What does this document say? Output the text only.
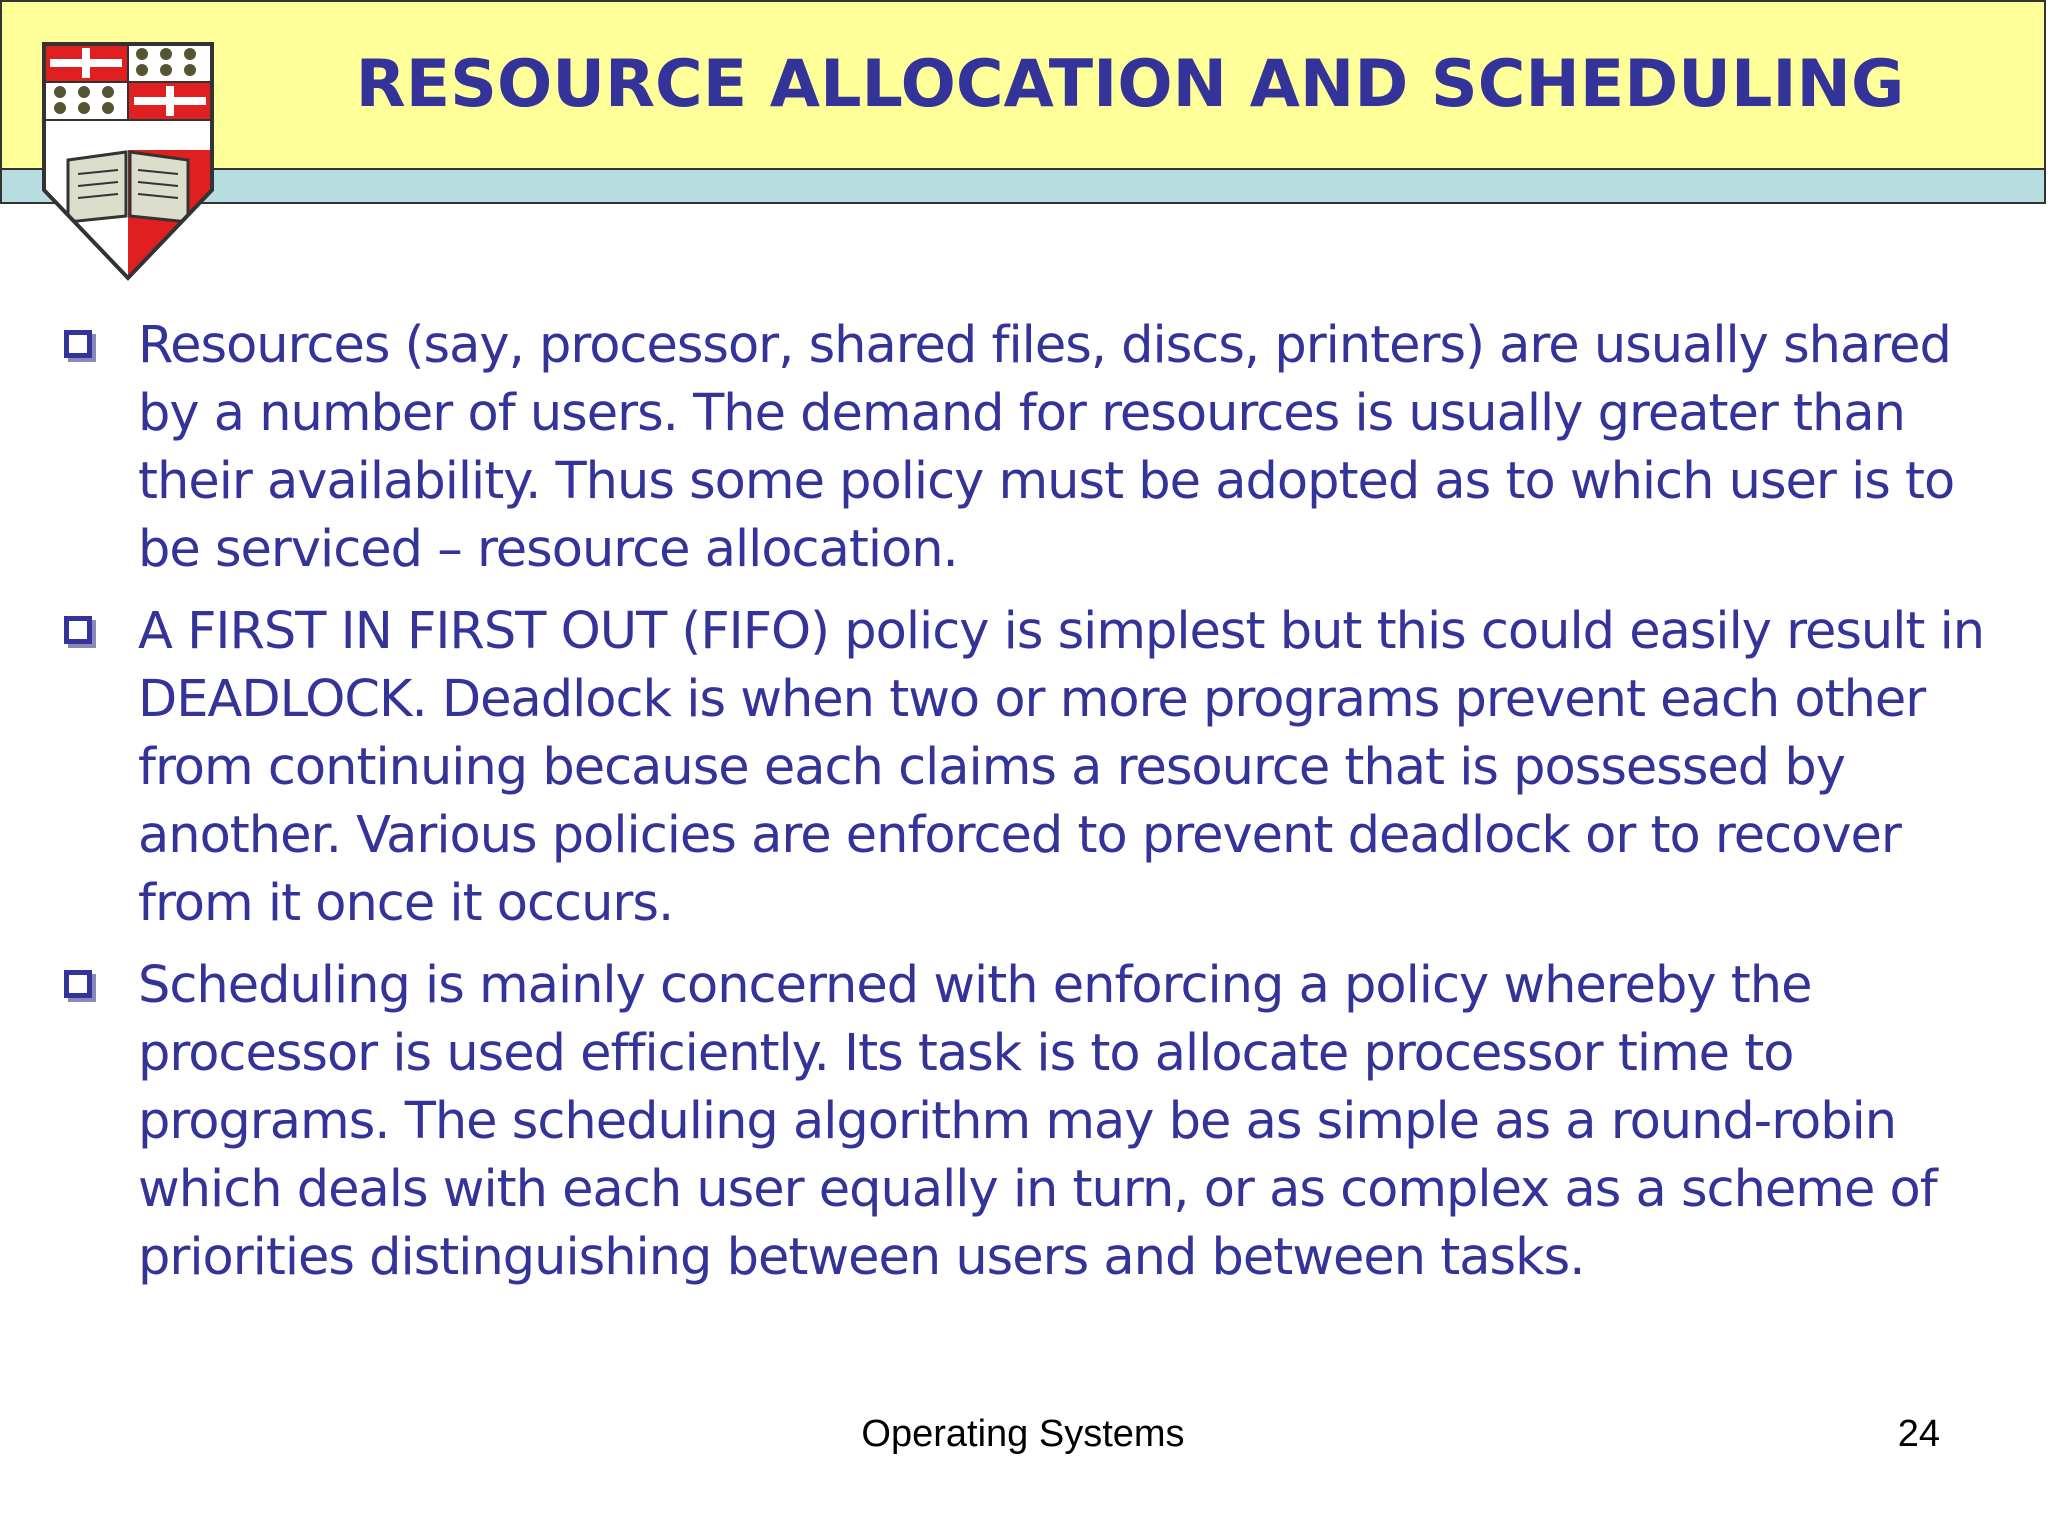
RESOURCE ALLOCATION AND SCHEDULING
Resources (say, processor, shared files, discs, printers) are usually shared by a number of users. The demand for resources is usually greater than their availability. Thus some policy must be adopted as to which user is to be serviced – resource allocation.
A FIRST IN FIRST OUT (FIFO) policy is simplest but this could easily result in DEADLOCK. Deadlock is when two or more programs prevent each other from continuing because each claims a resource that is possessed by another. Various policies are enforced to prevent deadlock or to recover from it once it occurs.
Scheduling is mainly concerned with enforcing a policy whereby the processor is used efficiently. Its task is to allocate processor time to programs. The scheduling algorithm may be as simple as a round-robin which deals with each user equally in turn, or as complex as a scheme of priorities distinguishing between users and between tasks.

Operating Systems	24
